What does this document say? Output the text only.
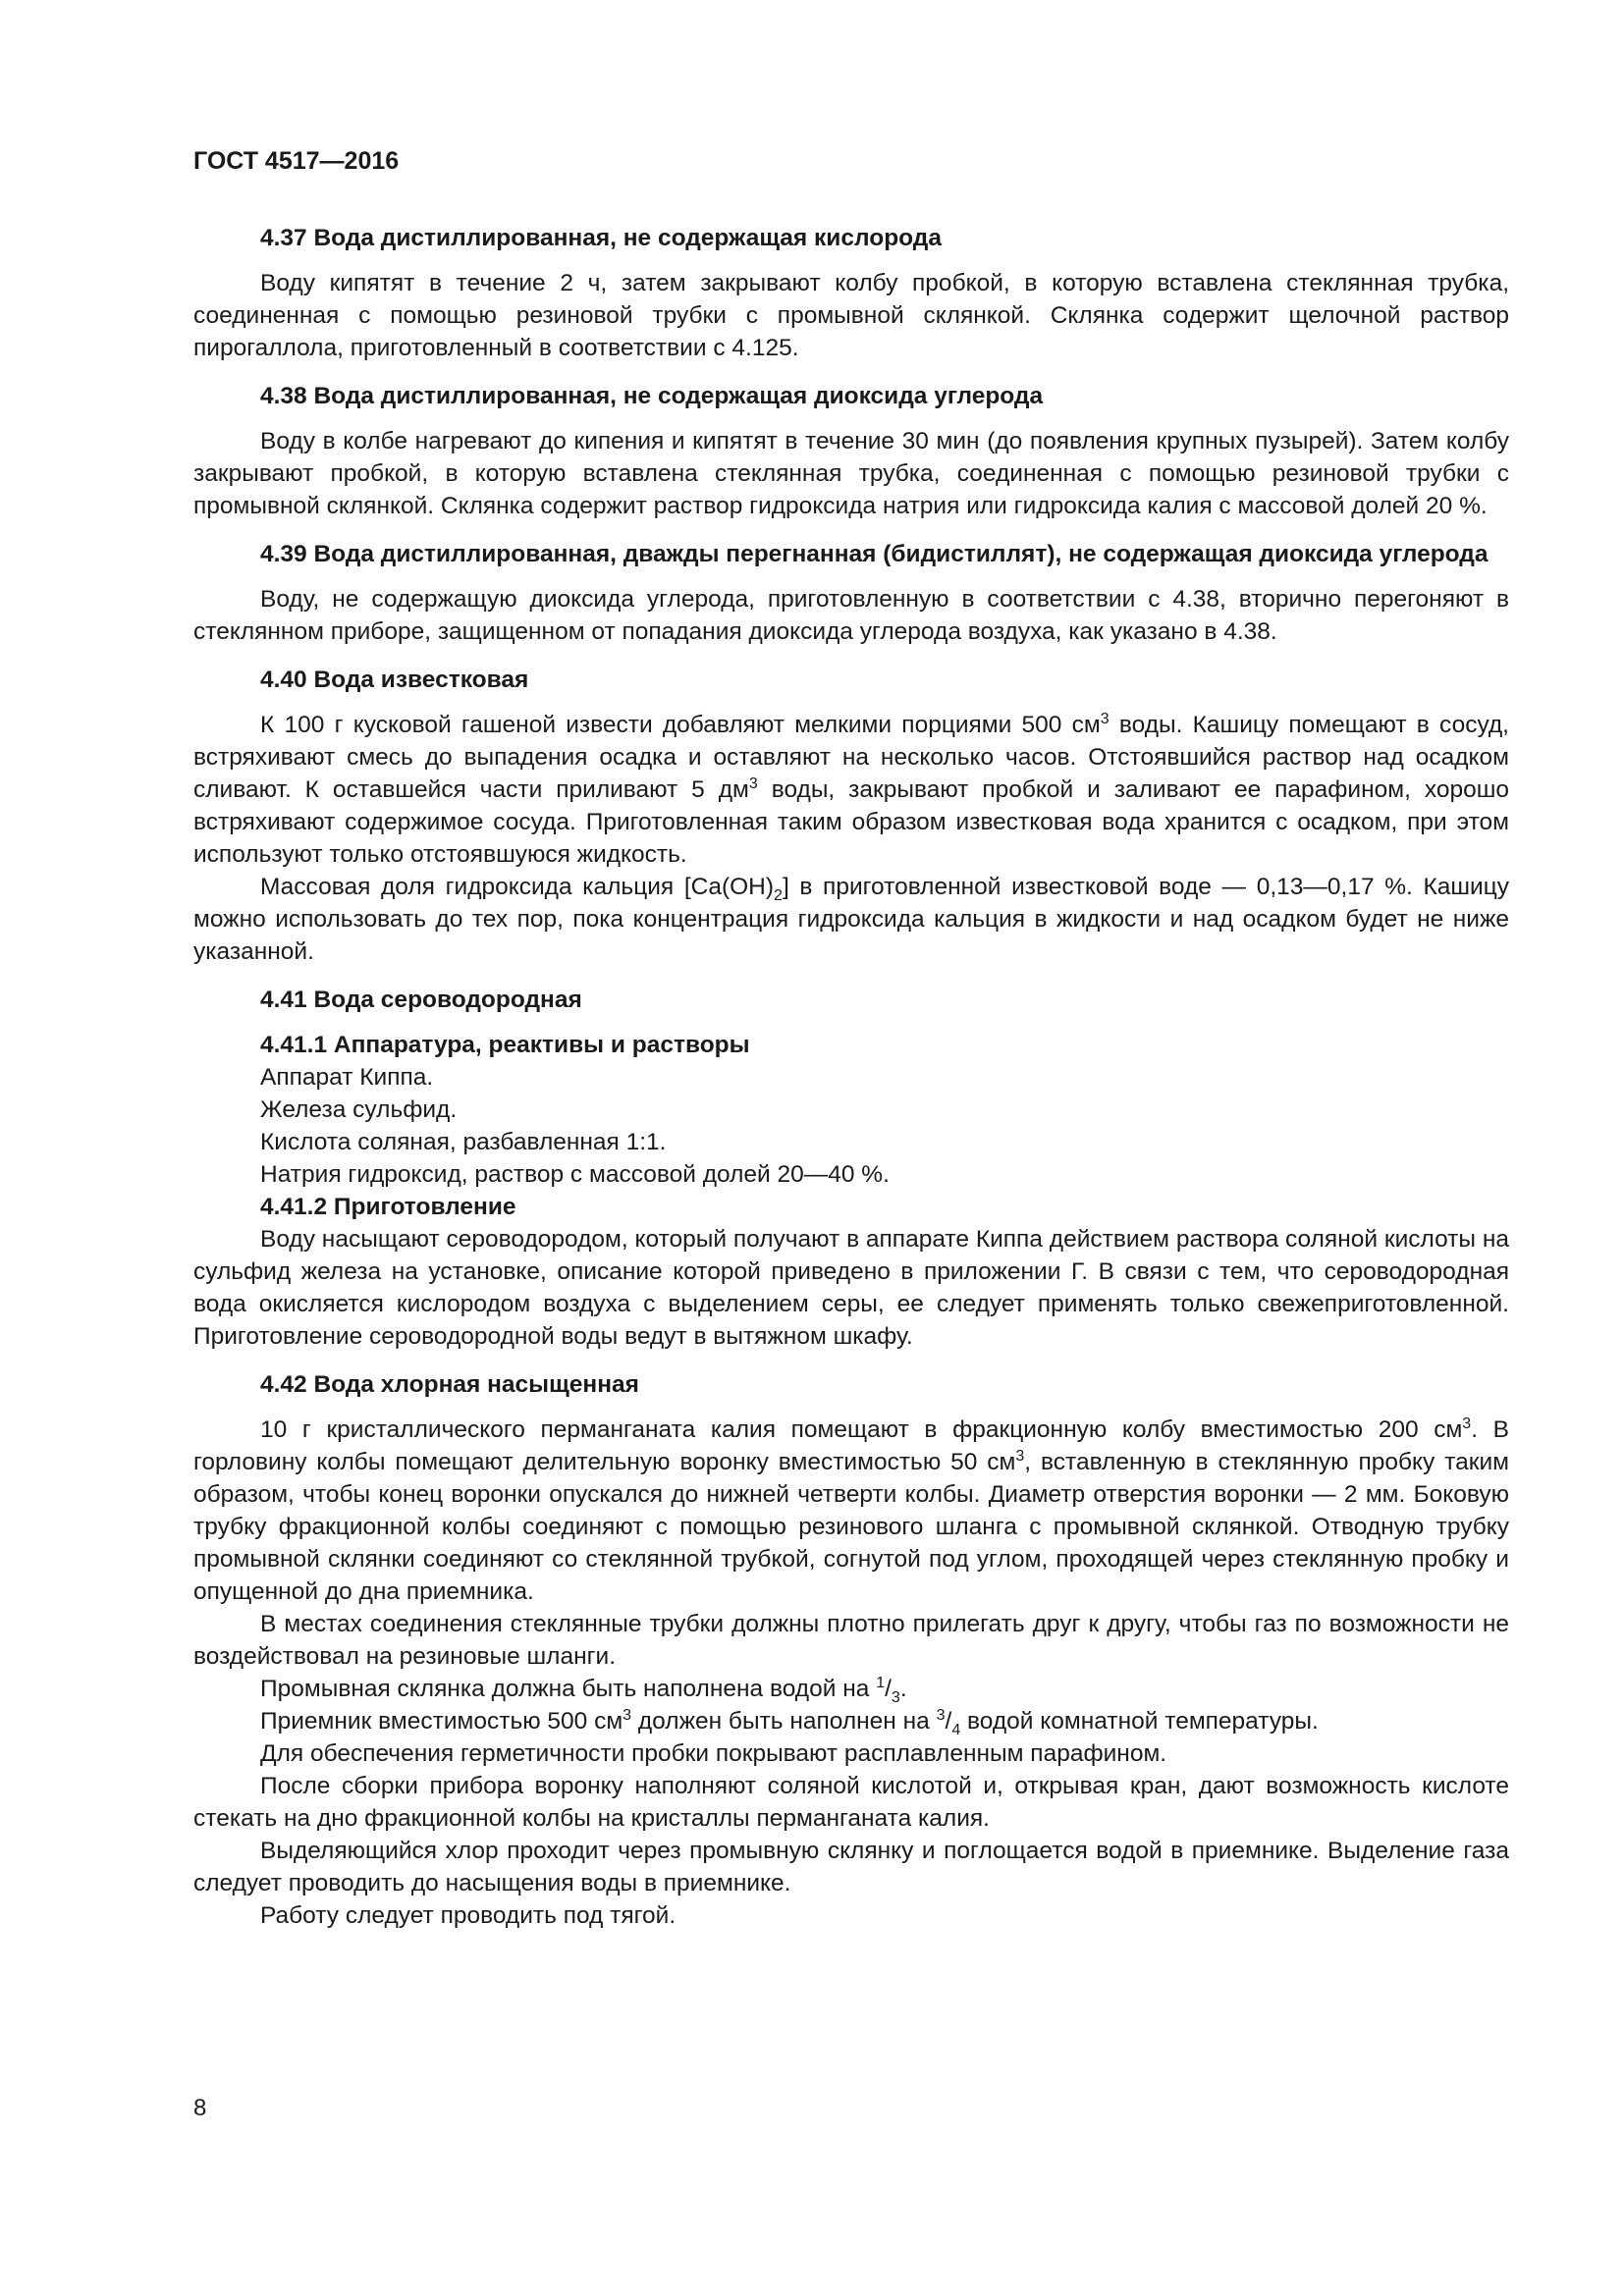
ГОСТ 4517—2016
4.37 Вода дистиллированная, не содержащая кислорода

Воду кипятят в течение 2 ч, затем закрывают колбу пробкой, в которую вставлена стеклянная трубка, соединенная с помощью резиновой трубки с промывной склянкой. Склянка содержит щелочной раствор пирогаллола, приготовленный в соответствии с 4.125.

4.38 Вода дистиллированная, не содержащая диоксида углерода

Воду в колбе нагревают до кипения и кипятят в течение 30 мин (до появления крупных пузырей). Затем колбу закрывают пробкой, в которую вставлена стеклянная трубка, соединенная с помощью резиновой трубки с промывной склянкой. Склянка содержит раствор гидроксида натрия или гидроксида калия с массовой долей 20 %.

4.39 Вода дистиллированная, дважды перегнанная (бидистиллят), не содержащая диоксида углерода

Воду, не содержащую диоксида углерода, приготовленную в соответствии с 4.38, вторично перегоняют в стеклянном приборе, защищенном от попадания диоксида углерода воздуха, как указано в 4.38.

4.40 Вода известковая

К 100 г кусковой гашеной извести добавляют мелкими порциями 500 $см^3$ воды. Кашицу помещают в сосуд, встряхивают смесь до выпадения осадка и оставляют на несколько часов. Отстоявшийся раствор над осадком сливают. К оставшейся части приливают 5 $дм^3$ воды, закрывают пробкой и заливают ее парафином, хорошо встряхивают содержимое сосуда. Приготовленная таким образом известковая вода хранится с осадком, при этом используют только отстоявшуюся жидкость.

Массовая доля гидроксида кальция $[Ca(OH)_2]$ в приготовленной известковой воде — 0,13—0,17 %. Кашицу можно использовать до тех пор, пока концентрация гидроксида кальция в жидкости и над осадком будет не ниже указанной.

4.41 Вода сероводородная
4.41.1 Аппаратура, реактивы и растворы

Аппарат Киппа.

Железа сульфид.

Кислота соляная, разбавленная 1:1.

Натрия гидроксид, раствор с массовой долей 20—40 %.

4.41.2 Приготовление

Воду насыщают сероводородом, который получают в аппарате Киппа действием раствора соляной кислоты на сульфид железа на установке, описание которой приведено в приложении Г. В связи с тем, что сероводородная вода окисляется кислородом воздуха с выделением серы, ее следует применять только свежеприготовленной. Приготовление сероводородной воды ведут в вытяжном шкафу.

4.42 Вода хлорная насыщенная

10 г кристаллического перманганата калия помещают в фракционную колбу вместимостью 200 $см^3$. В горловину колбы помещают делительную воронку вместимостью 50 $см^3$, вставленную в стеклянную пробку таким образом, чтобы конец воронки опускался до нижней четверти колбы. Диаметр отверстия воронки — 2 мм. Боковую трубку фракционной колбы соединяют с помощью резинового шланга с промывной склянкой. Отводную трубку промывной склянки соединяют со стеклянной трубкой, согнутой под углом, проходящей через стеклянную пробку и опущенной до дна приемника.

В местах соединения стеклянные трубки должны плотно прилегать друг к другу, чтобы газ по возможности не воздействовал на резиновые шланги.

Промывная склянка должна быть наполнена водой на $^1/_3$.

Приемник вместимостью 500 $см^3$ должен быть наполнен на $^3/_4$ водой комнатной температуры.

Для обеспечения герметичности пробки покрывают расплавленным парафином.

После сборки прибора воронку наполняют соляной кислотой и, открывая кран, дают возможность кислоте стекать на дно фракционной колбы на кристаллы перманганата калия.

Выделяющийся хлор проходит через промывную склянку и поглощается водой в приемнике. Выделение газа следует проводить до насыщения воды в приемнике.

Работу следует проводить под тягой.

8
